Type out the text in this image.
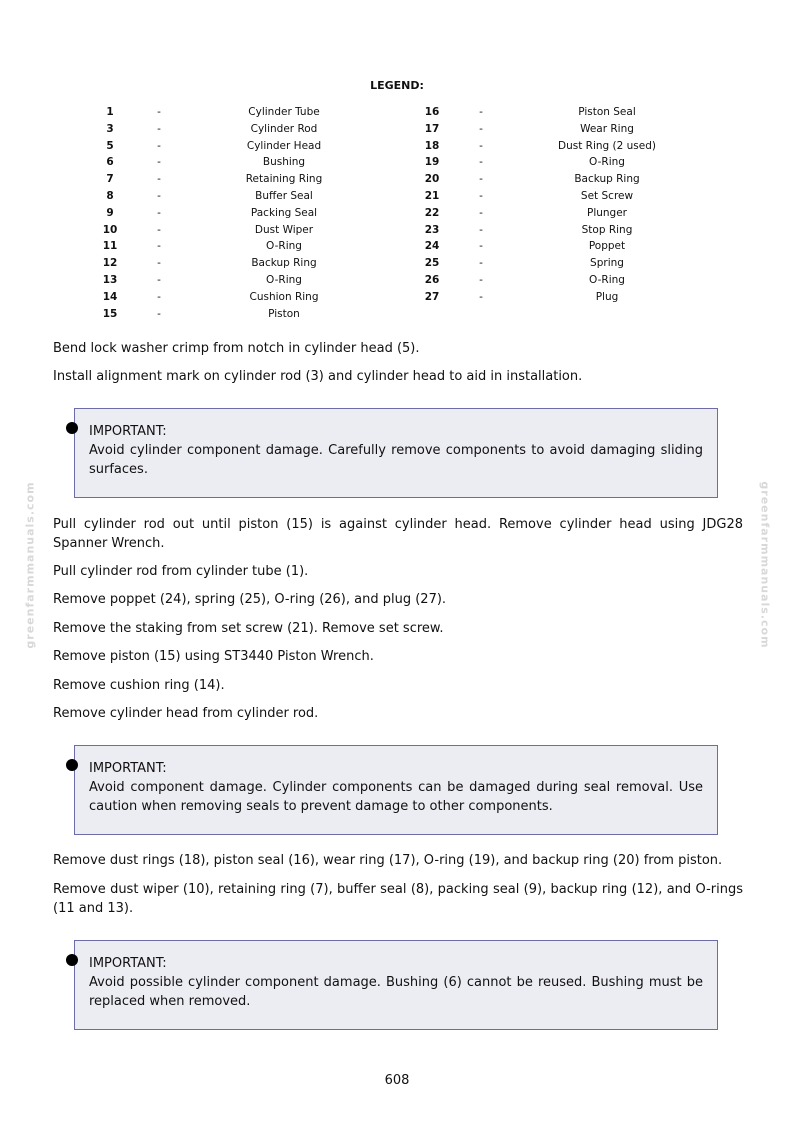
LEGEND:
1	-	Cylinder Tube
3	-	Cylinder Rod
5	-	Cylinder Head
6	-	Bushing
7	-	Retaining Ring
8	-	Buffer Seal
9	-	Packing Seal
10	-	Dust Wiper
11	-	O-Ring
12	-	Backup Ring
13	-	O-Ring
14	-	Cushion Ring
15	-	Piston
16	-	Piston Seal
17	-	Wear Ring
18	-	Dust Ring (2 used)
19	-	O-Ring
20	-	Backup Ring
21	-	Set Screw
22	-	Plunger
23	-	Stop Ring
24	-	Poppet
25	-	Spring
26	-	O-Ring
27	-	Plug
Bend lock washer crimp from notch in cylinder head (5).
Install alignment mark on cylinder rod (3) and cylinder head to aid in installation.
IMPORTANT:
Avoid cylinder component damage. Carefully remove components to avoid damaging sliding surfaces.
Pull cylinder rod out until piston (15) is against cylinder head. Remove cylinder head using JDG28 Spanner Wrench.
Pull cylinder rod from cylinder tube (1).
Remove poppet (24), spring (25), O-ring (26), and plug (27).
Remove the staking from set screw (21). Remove set screw.
Remove piston (15) using ST3440 Piston Wrench.
Remove cushion ring (14).
Remove cylinder head from cylinder rod.
IMPORTANT:
Avoid component damage. Cylinder components can be damaged during seal removal. Use caution when removing seals to prevent damage to other components.
Remove dust rings (18), piston seal (16), wear ring (17), O-ring (19), and backup ring (20) from piston.
Remove dust wiper (10), retaining ring (7), buffer seal (8), packing seal (9), backup ring (12), and O-rings (11 and 13).
IMPORTANT:
Avoid possible cylinder component damage. Bushing (6) cannot be reused. Bushing must be replaced when removed.
greenfarmmanuals.com	greenfarmmanuals.com
608
